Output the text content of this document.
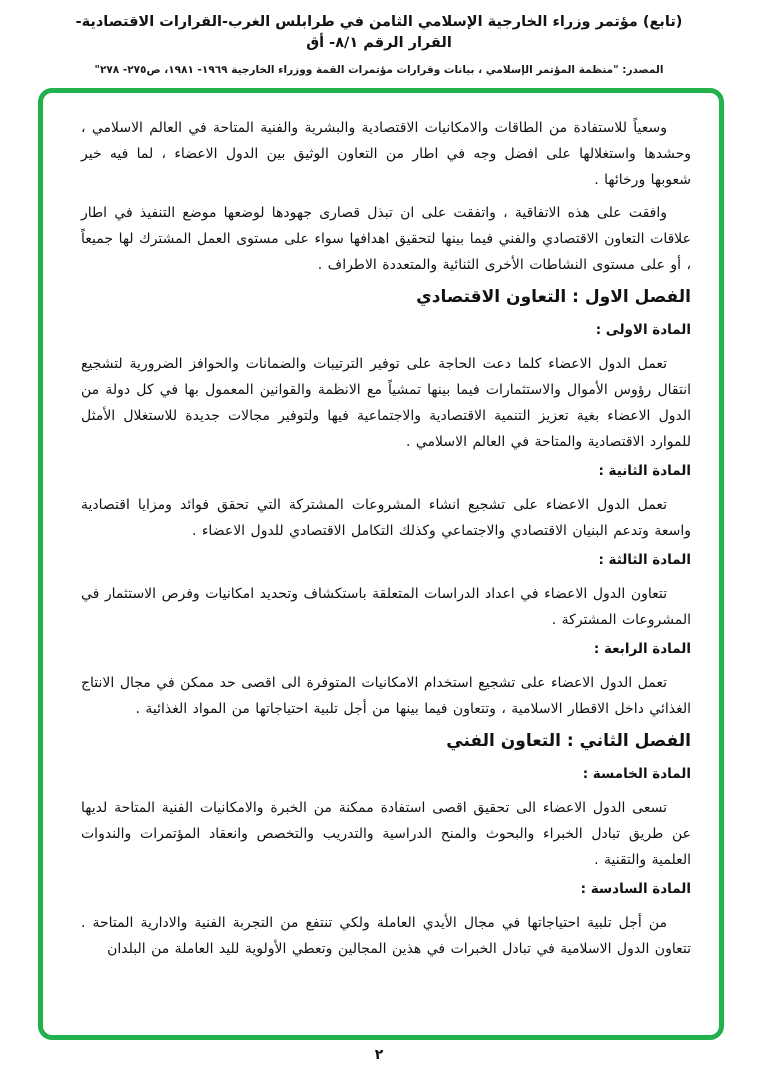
(تابع) مؤتمر وزراء الخارجية الإسلامي الثامن في طرابلس الغرب-القرارات الاقتصادية- القرار الرقم ٨/١- أق
المصدر: "منظمة المؤتمر الإسلامي ، بيانات وقرارات مؤتمرات القمة ووزراء الخارجية ١٩٦٩- ١٩٨١، ص٢٧٥- ٢٧٨"

وسعياً للاستفادة من الطاقات والامكانيات الاقتصادية والبشرية والفنية المتاحة في العالم الاسلامي ، وحشدها واستغلالها على افضل وجه في اطار من التعاون الوثيق بين الدول الاعضاء ، لما فيه خير شعوبها ورخائها .

وافقت على هذه الاتفاقية ، واتفقت على ان تبذل قصارى جهودها لوضعها موضع التنفيذ في اطار علاقات التعاون الاقتصادي والفني فيما بينها لتحقيق اهدافها سواء على مستوى العمل المشترك لها جميعاً ، أو على مستوى النشاطات الأخرى الثنائية والمتعددة الاطراف .

الفصل الاول : التعاون الاقتصادي
المادة الاولى :

تعمل الدول الاعضاء كلما دعت الحاجة على توفير الترتيبات والضمانات والحوافز الضرورية لتشجيع انتقال رؤوس الأموال والاستثمارات فيما بينها تمشياً مع الانظمة والقوانين المعمول بها في كل دولة من الدول الاعضاء بغية تعزيز التنمية الاقتصادية والاجتماعية فيها ولتوفير مجالات جديدة للاستغلال الأمثل للموارد الاقتصادية والمتاحة في العالم الاسلامي .

المادة الثانية :

تعمل الدول الاعضاء على تشجيع انشاء المشروعات المشتركة التي تحقق فوائد ومزايا اقتصادية واسعة وتدعم البنيان الاقتصادي والاجتماعي وكذلك التكامل الاقتصادي للدول الاعضاء .

المادة الثالثة :

تتعاون الدول الاعضاء في اعداد الدراسات المتعلقة باستكشاف وتحديد امكانيات وفرص الاستثمار في المشروعات المشتركة .

المادة الرابعة :

تعمل الدول الاعضاء على تشجيع استخدام الامكانيات المتوفرة الى اقصى حد ممكن في مجال الانتاج الغذائي داخل الاقطار الاسلامية ، وتتعاون فيما بينها من أجل تلبية احتياجاتها من المواد الغذائية .

الفصل الثاني : التعاون الفني
المادة الخامسة :

تسعى الدول الاعضاء الى تحقيق اقصى استفادة ممكنة من الخبرة والامكانيات الفنية المتاحة لديها عن طريق تبادل الخبراء والبحوث والمنح الدراسية والتدريب والتخصص وانعقاد المؤتمرات والندوات العلمية والتقنية .

المادة السادسة :

من أجل تلبية احتياجاتها في مجال الأيدي العاملة ولكي تنتفع من التجربة الفنية والادارية المتاحة . تتعاون الدول الاسلامية في تبادل الخبرات في هذين المجالين وتعطي الأولوية لليد العاملة من البلدان

٢
